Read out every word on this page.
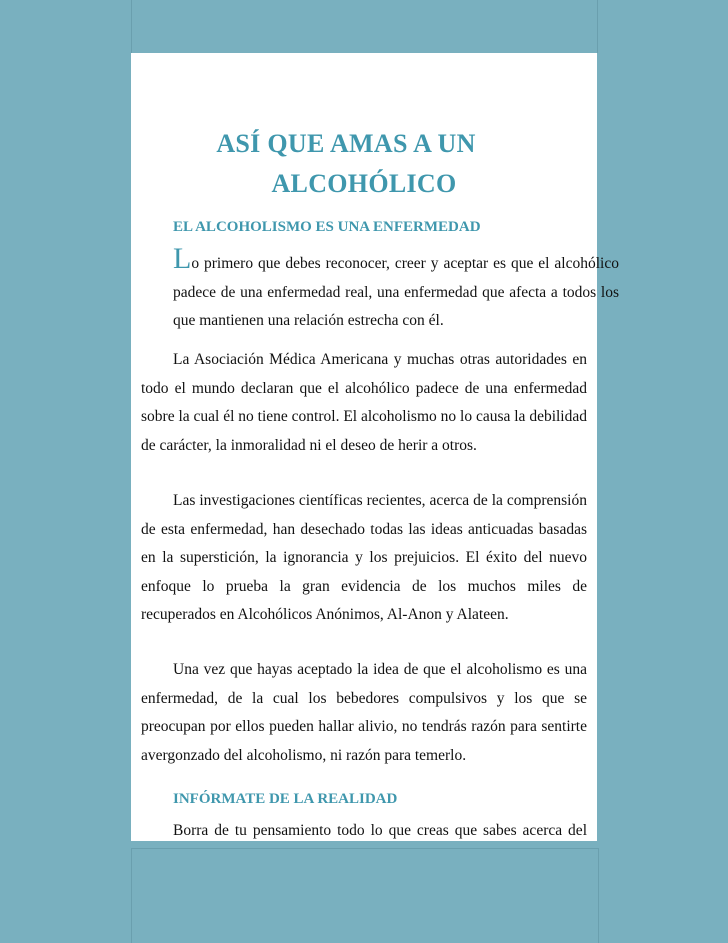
ASÍ QUE AMAS A UN
ALCOHÓLICO
EL ALCOHOLISMO ES UNA ENFERMEDAD

Lo primero que debes reconocer, creer y aceptar es que el alcohólico padece de una enfermedad real, una enfermedad que afecta a todos los que mantienen una relación estrecha con él.

La Asociación Médica Americana y muchas otras autoridades en todo el mundo declaran que el alcohólico padece de una enfermedad sobre la cual él no tiene control. El alcoholismo no lo causa la debilidad de carácter, la inmoralidad ni el deseo de herir a otros.

Las investigaciones científicas recientes, acerca de la comprensión de esta enfermedad, han desechado todas las ideas anticuadas basadas en la superstición, la ignorancia y los prejuicios. El éxito del nuevo enfoque lo prueba la gran evidencia de los muchos miles de recuperados en Alcohólicos Anónimos, Al-Anon y Alateen.

Una vez que hayas aceptado la idea de que el alcoholismo es una enfermedad, de la cual los bebedores compulsivos y los que se preocupan por ellos pueden hallar alivio, no tendrás razón para sentirte avergonzado del alcoholismo, ni razón para temerlo.

INFÓRMATE DE LA REALIDAD

Borra de tu pensamiento todo lo que creas que sabes acerca del
